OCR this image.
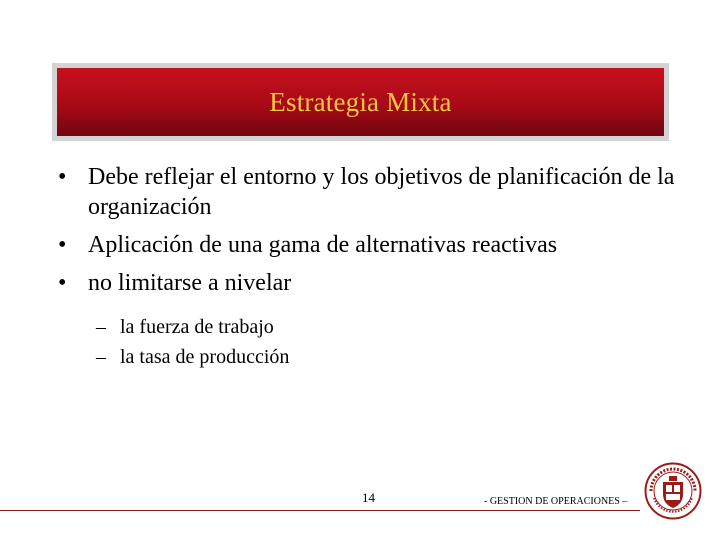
Estrategia Mixta
• Debe reflejar el entorno y los objetivos de planificación de la organización
• Aplicación de una gama de alternativas reactivas
• no limitarse a nivelar
– la fuerza de trabajo
– la tasa de producción
14	- GESTION DE OPERACIONES –
